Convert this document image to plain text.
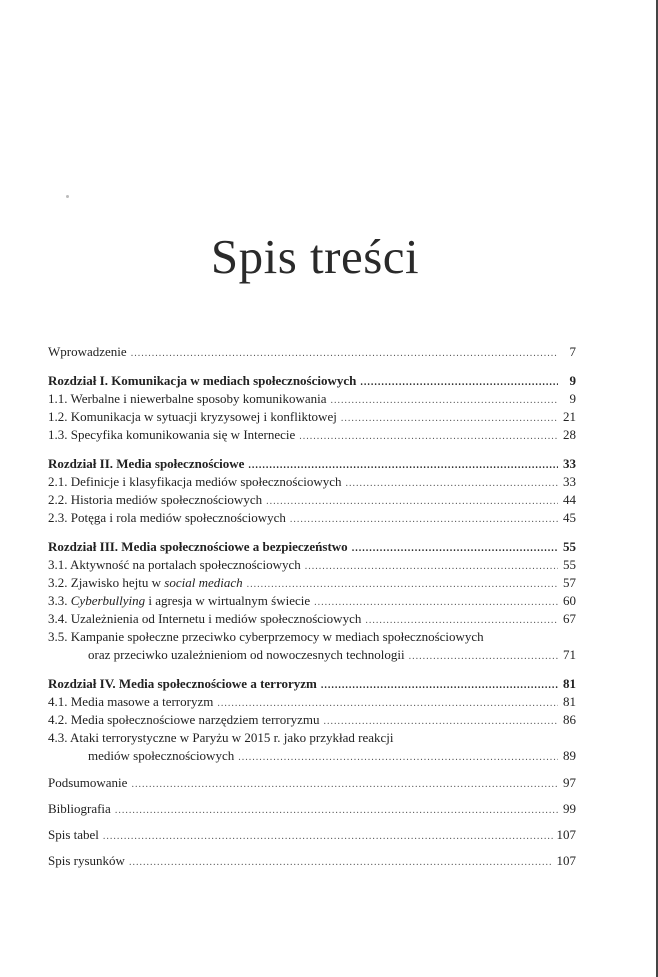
Spis treści
Wprowadzenie .....	7
Rozdział I. Komunikacja w mediach społecznościowych .....	9
1.1. Werbalne i niewerbalne sposoby komunikowania .....	9
1.2. Komunikacja w sytuacji kryzysowej i konfliktowej .....	21
1.3. Specyfika komunikowania się w Internecie .....	28
Rozdział II. Media społecznościowe .....	33
2.1. Definicje i klasyfikacja mediów społecznościowych .....	33
2.2. Historia mediów społecznościowych .....	44
2.3. Potęga i rola mediów społecznościowych .....	45
Rozdział III. Media społecznościowe a bezpieczeństwo .....	55
3.1. Aktywność na portalach społecznościowych .....	55
3.2. Zjawisko hejtu w social mediach .....	57
3.3. Cyberbullying i agresja w wirtualnym świecie .....	60
3.4. Uzależnienia od Internetu i mediów społecznościowych .....	67
3.5. Kampanie społeczne przeciwko cyberprzemocy w mediach społecznościowych
oraz przeciwko uzależnieniom od nowoczesnych technologii .....	71
Rozdział IV. Media społecznościowe a terroryzm .....	81
4.1. Media masowe a terroryzm .....	81
4.2. Media społecznościowe narzędziem terroryzmu .....	86
4.3. Ataki terrorystyczne w Paryżu w 2015 r. jako przykład reakcji
mediów społecznościowych .....	89
Podsumowanie .....	97
Bibliografia .....	99
Spis tabel .....	107
Spis rysunków .....	107
